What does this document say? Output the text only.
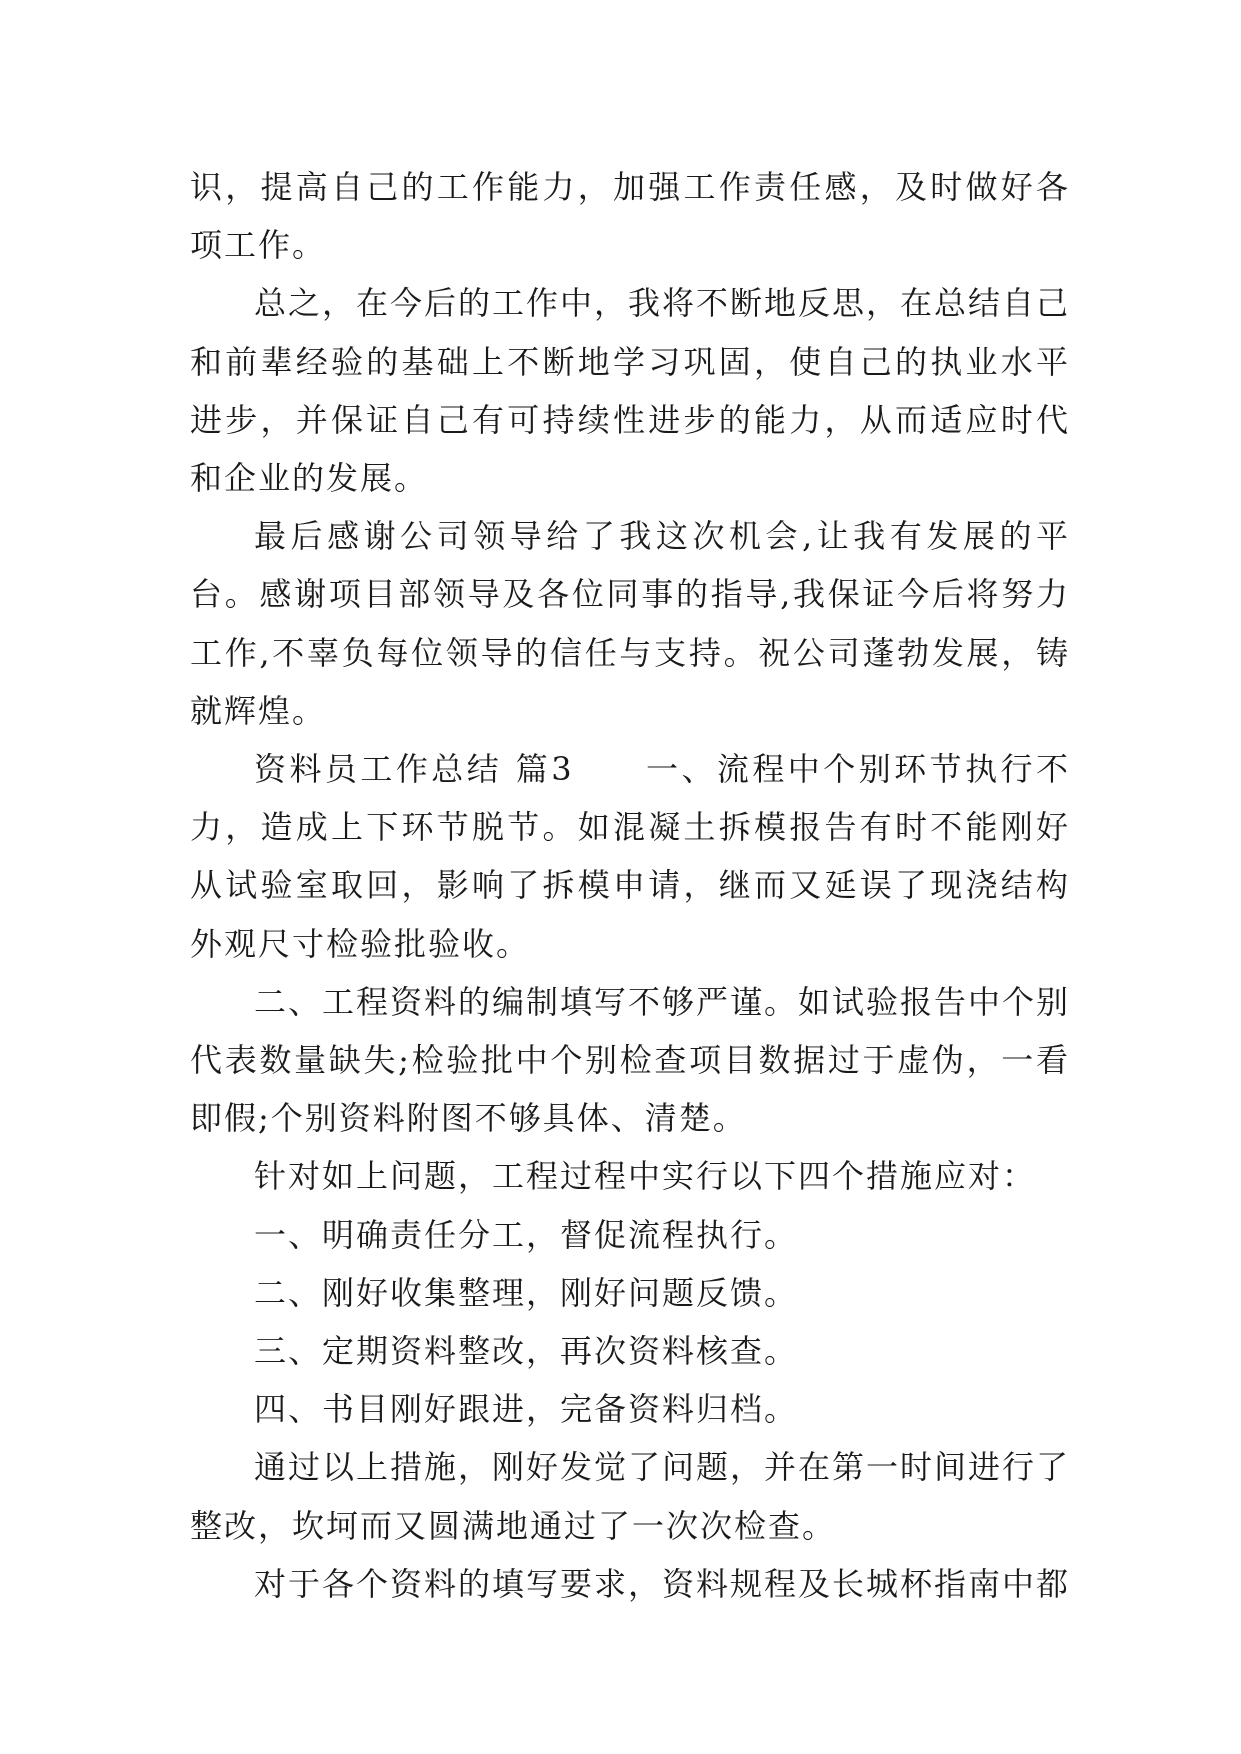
识，提高自己的工作能力，加强工作责任感，及时做好各项工作。

总之，在今后的工作中，我将不断地反思，在总结自己和前辈经验的基础上不断地学习巩固，使自己的执业水平进步，并保证自己有可持续性进步的能力，从而适应时代和企业的发展。

最后感谢公司领导给了我这次机会,让我有发展的平台。感谢项目部领导及各位同事的指导,我保证今后将努力工作,不辜负每位领导的信任与支持。祝公司蓬勃发展，铸就辉煌。

资料员工作总结 篇3　　一、流程中个别环节执行不力，造成上下环节脱节。如混凝土拆模报告有时不能刚好从试验室取回，影响了拆模申请，继而又延误了现浇结构外观尺寸检验批验收。

二、工程资料的编制填写不够严谨。如试验报告中个别代表数量缺失;检验批中个别检查项目数据过于虚伪，一看即假;个别资料附图不够具体、清楚。

针对如上问题，工程过程中实行以下四个措施应对：

一、明确责任分工，督促流程执行。

二、刚好收集整理，刚好问题反馈。

三、定期资料整改，再次资料核查。

四、书目刚好跟进，完备资料归档。

通过以上措施，刚好发觉了问题，并在第一时间进行了整改，坎坷而又圆满地通过了一次次检查。

对于各个资料的填写要求，资料规程及长城杯指南中都
